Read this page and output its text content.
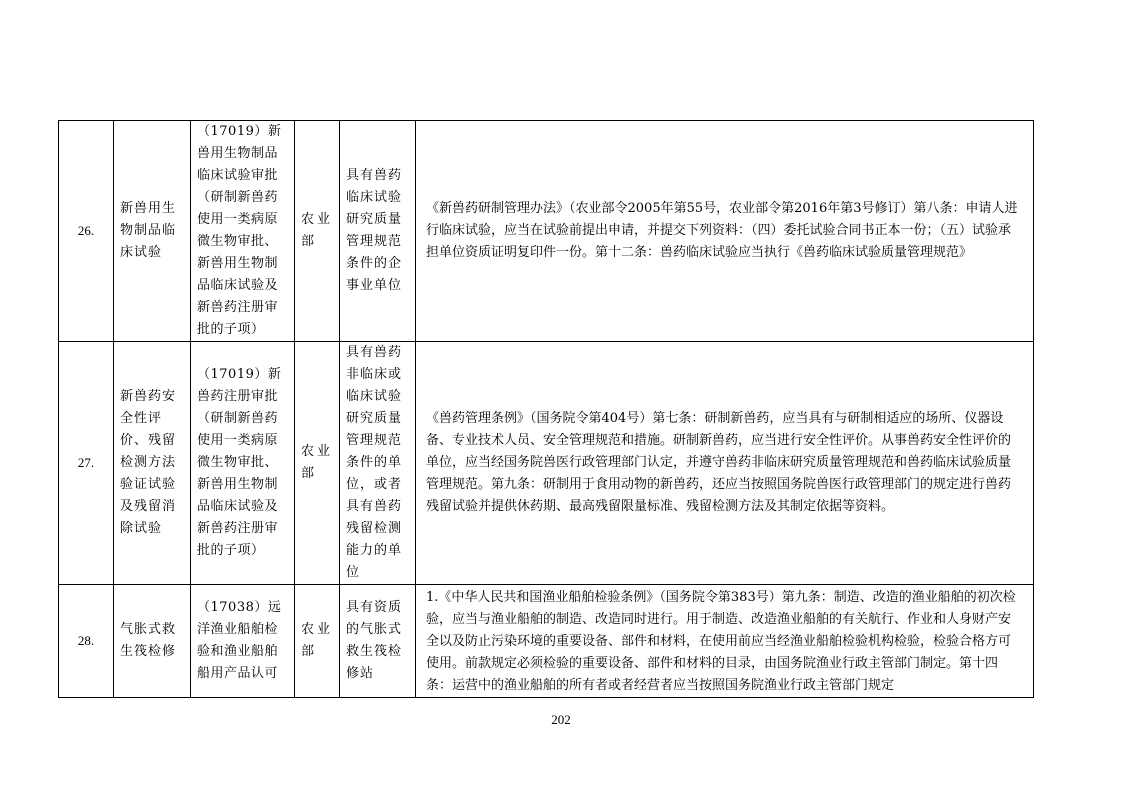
26.	新兽用生物制品临床试验	（17019）新兽用生物制品临床试验审批（研制新兽药使用一类病原微生物审批、新兽用生物制品临床试验及新兽药注册审批的子项）	农业部	具有兽药临床试验研究质量管理规范条件的企事业单位	《新兽药研制管理办法》（农业部令2005年第55号，农业部令第2016年第3号修订）第八条：申请人进行临床试验，应当在试验前提出申请，并提交下列资料：（四）委托试验合同书正本一份；（五）试验承担单位资质证明复印件一份。第十二条：兽药临床试验应当执行《兽药临床试验质量管理规范》

27.	新兽药安全性评价、残留检测方法验证试验及残留消除试验	（17019）新兽药注册审批（研制新兽药使用一类病原微生物审批、新兽用生物制品临床试验及新兽药注册审批的子项）	农业部	具有兽药非临床或临床试验研究质量管理规范条件的单位，或者具有兽药残留检测能力的单位	《兽药管理条例》（国务院令第404号）第七条：研制新兽药，应当具有与研制相适应的场所、仪器设备、专业技术人员、安全管理规范和措施。研制新兽药，应当进行安全性评价。从事兽药安全性评价的单位，应当经国务院兽医行政管理部门认定，并遵守兽药非临床研究质量管理规范和兽药临床试验质量管理规范。第九条：研制用于食用动物的新兽药，还应当按照国务院兽医行政管理部门的规定进行兽药残留试验并提供休药期、最高残留限量标准、残留检测方法及其制定依据等资料。

28.	气胀式救生筏检修	（17038）远洋渔业船舶检验和渔业船舶船用产品认可	农业部	具有资质的气胀式救生筏检修站	1.《中华人民共和国渔业船舶检验条例》（国务院令第383号）第九条：制造、改造的渔业船舶的初次检验，应当与渔业船舶的制造、改造同时进行。用于制造、改造渔业船舶的有关航行、作业和人身财产安全以及防止污染环境的重要设备、部件和材料，在使用前应当经渔业船舶检验机构检验，检验合格方可使用。前款规定必须检验的重要设备、部件和材料的目录，由国务院渔业行政主管部门制定。第十四条：运营中的渔业船舶的所有者或者经营者应当按照国务院渔业行政主管部门规定
202
